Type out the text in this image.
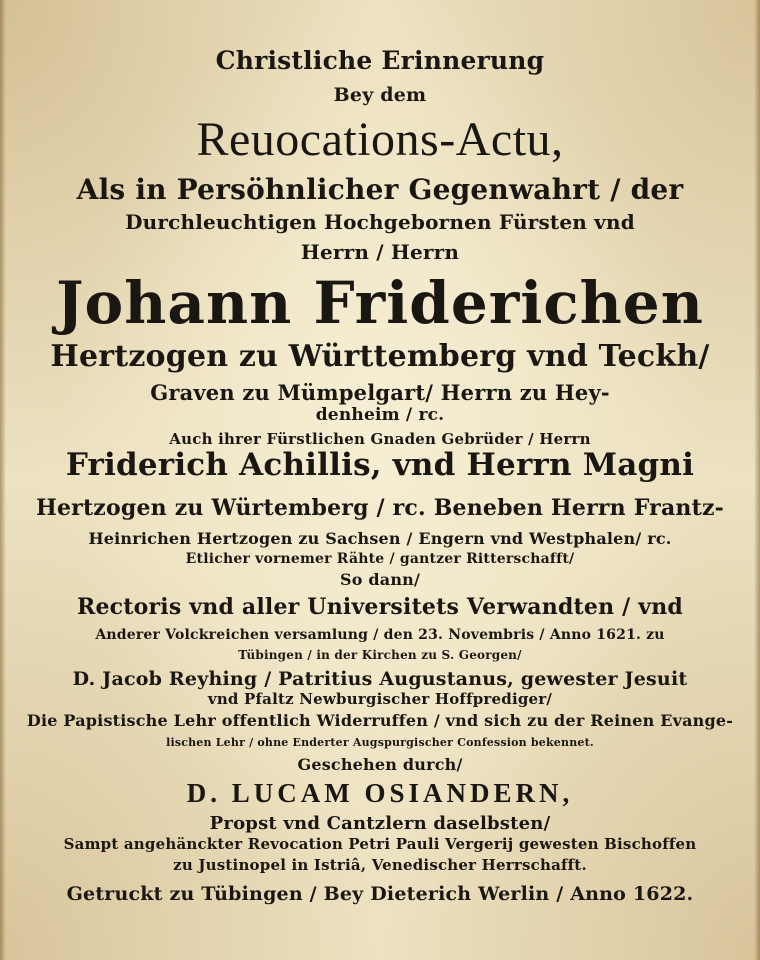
Christliche Erinnerung
Bey dem
Reuocations-Actu,
Als in Persöhnlicher Gegenwahrt / der
Durchleuchtigen Hochgebornen Fürsten vnd
Herrn / Herrn
Johann Friderichen
Hertzogen zu Württemberg vnd Teckh/
Graven zu Mümpelgart/ Herrn zu Hey-
denheim / rc.
Auch ihrer Fürstlichen Gnaden Gebrüder / Herrn
Friderich Achillis, vnd Herrn Magni
Hertzogen zu Würtemberg / rc. Beneben Herrn Frantz-
Heinrichen Hertzogen zu Sachsen / Engern vnd Westphalen/ rc.
Etlicher vornemer Rähte / gantzer Ritterschafft/
So dann/
Rectoris vnd aller Universitets Verwandten / vnd
Anderer Volckreichen versamlung / den 23. Novembris / Anno 1621. zu
Tübingen / in der Kirchen zu S. Georgen/
D. Jacob Reyhing / Patritius Augustanus, gewester Jesuit
vnd Pfaltz Newburgischer Hoffprediger/
Die Papistische Lehr offentlich Widerruffen / vnd sich zu der Reinen Evange-
lischen Lehr / ohne Enderter Augspurgischer Confession bekennet.
Geschehen durch/
D. LUCAM OSIANDERN,
Propst vnd Cantzlern daselbsten/
Sampt angehänckter Revocation Petri Pauli Vergerij gewesten Bischoffen
zu Justinopel in Istriâ, Venedischer Herrschafft.
Getruckt zu Tübingen / Bey Dieterich Werlin / Anno 1622.
